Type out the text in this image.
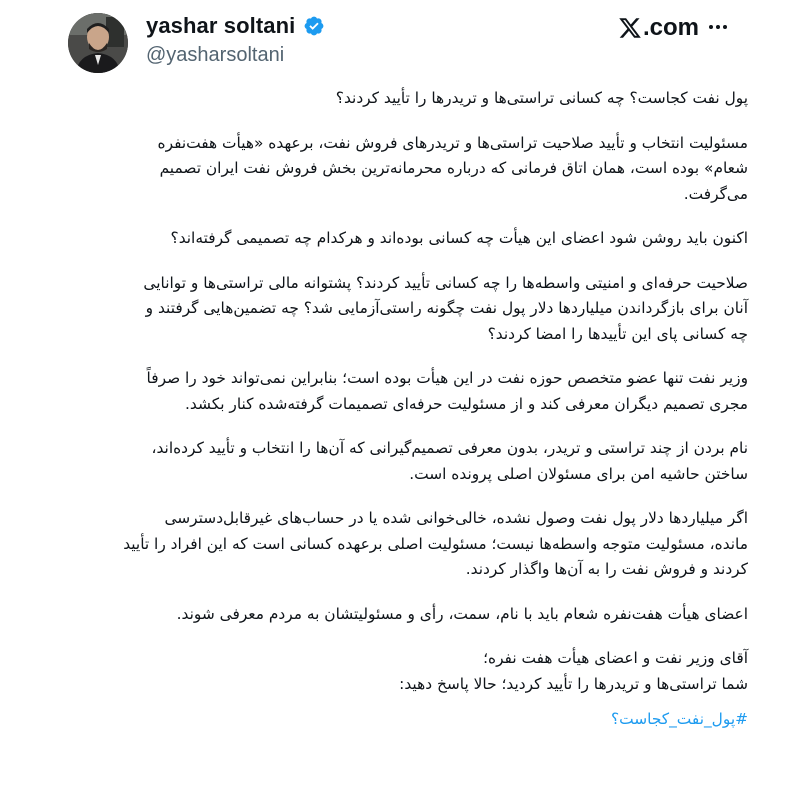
yashar soltani
@yasharsoltani
.com

پول نفت کجاست؟ چه کسانی تراستی‌ها و تریدرها را تأیید کردند؟

مسئولیت انتخاب و تأیید صلاحیت تراستی‌ها و تریدرهای فروش نفت، برعهده «هیأت هفت‌نفره
شعام» بوده است، همان اتاق فرمانی که درباره محرمانه‌ترین بخش فروش نفت ایران تصمیم
می‌گرفت.

اکنون باید روشن شود اعضای این هیأت چه کسانی بوده‌اند و هرکدام چه تصمیمی گرفته‌اند؟

صلاحیت حرفه‌ای و امنیتی واسطه‌ها را چه کسانی تأیید کردند؟ پشتوانه مالی تراستی‌ها و توانایی
آنان برای بازگرداندن میلیاردها دلار پول نفت چگونه راستی‌آزمایی شد؟ چه تضمین‌هایی گرفتند و
چه کسانی پای این تأییدها را امضا کردند؟

وزیر نفت تنها عضو متخصص حوزه نفت در این هیأت بوده است؛ بنابراین نمی‌تواند خود را صرفاً
مجری تصمیم دیگران معرفی کند و از مسئولیت حرفه‌ای تصمیمات گرفته‌شده کنار بکشد.

نام بردن از چند تراستی و تریدر، بدون معرفی تصمیم‌گیرانی که آن‌ها را انتخاب و تأیید کرده‌اند،
ساختن حاشیه امن برای مسئولان اصلی پرونده است.

اگر میلیاردها دلار پول نفت وصول نشده، خالی‌خوانی شده یا در حساب‌های غیرقابل‌دسترسی
مانده، مسئولیت متوجه واسطه‌ها نیست؛ مسئولیت اصلی برعهده کسانی است که این افراد را تأیید
کردند و فروش نفت را به آن‌ها واگذار کردند.

اعضای هیأت هفت‌نفره شعام باید با نام، سمت، رأی و مسئولیتشان به مردم معرفی شوند.

آقای وزیر نفت و اعضای هیأت هفت نفره؛

شما تراستی‌ها و تریدرها را تأیید کردید؛ حالا پاسخ دهید:

#پول_نفت_کجاست؟
